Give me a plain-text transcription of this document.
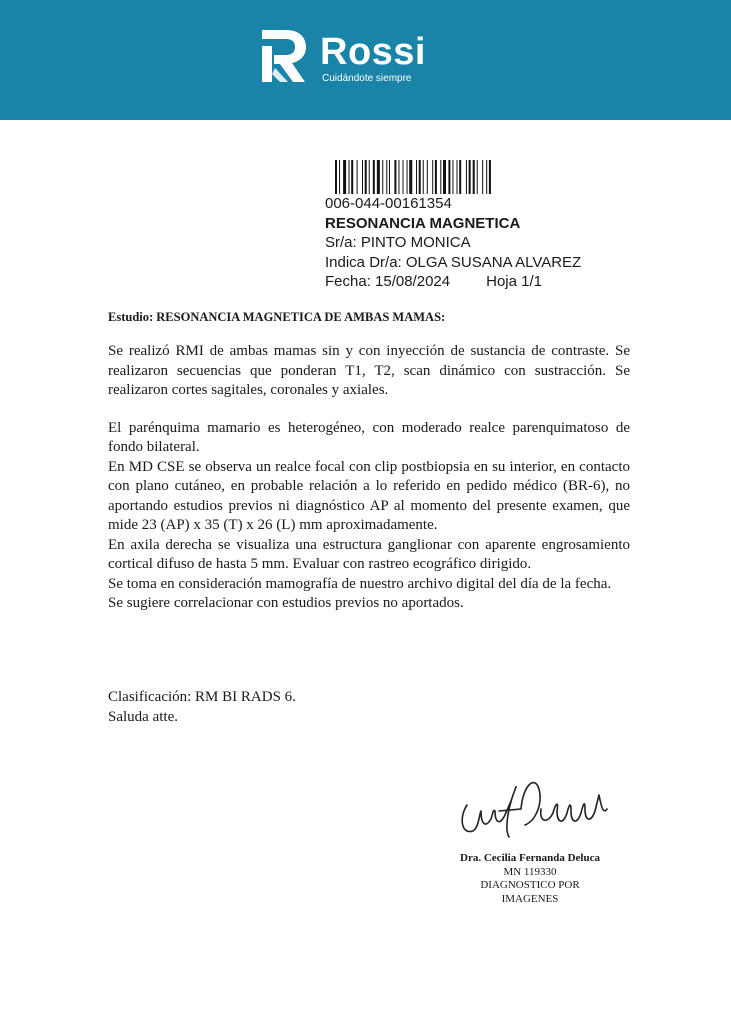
Rossi
Cuidándote siempre
006-044-00161354
RESONANCIA MAGNETICA
Sr/a: PINTO MONICA
Indica Dr/a: OLGA SUSANA ALVAREZ
Fecha: 15/08/2024 Hoja 1/1
Estudio: RESONANCIA MAGNETICA DE AMBAS MAMAS:

Se realizó RMI de ambas mamas sin y con inyección de sustancia de contraste. Se realizaron secuencias que ponderan T1, T2, scan dinámico con sustracción. Se realizaron cortes sagitales, coronales y axiales.

El parénquima mamario es heterogéneo, con moderado realce parenquimatoso de fondo bilateral.

En MD CSE se observa un realce focal con clip postbiopsia en su interior, en contacto con plano cutáneo, en probable relación a lo referido en pedido médico (BR-6), no aportando estudios previos ni diagnóstico AP al momento del presente examen, que mide 23 (AP) x 35 (T) x 26 (L) mm aproximadamente.

En axila derecha se visualiza una estructura ganglionar con aparente engrosamiento cortical difuso de hasta 5 mm. Evaluar con rastreo ecográfico dirigido.

Se toma en consideración mamografía de nuestro archivo digital del día de la fecha.

Se sugiere correlacionar con estudios previos no aportados.

Clasificación: RM BI RADS 6.
Saluda atte.
Dra. Cecilia Fernanda Deluca
MN 119330
DIAGNOSTICO POR
IMAGENES
